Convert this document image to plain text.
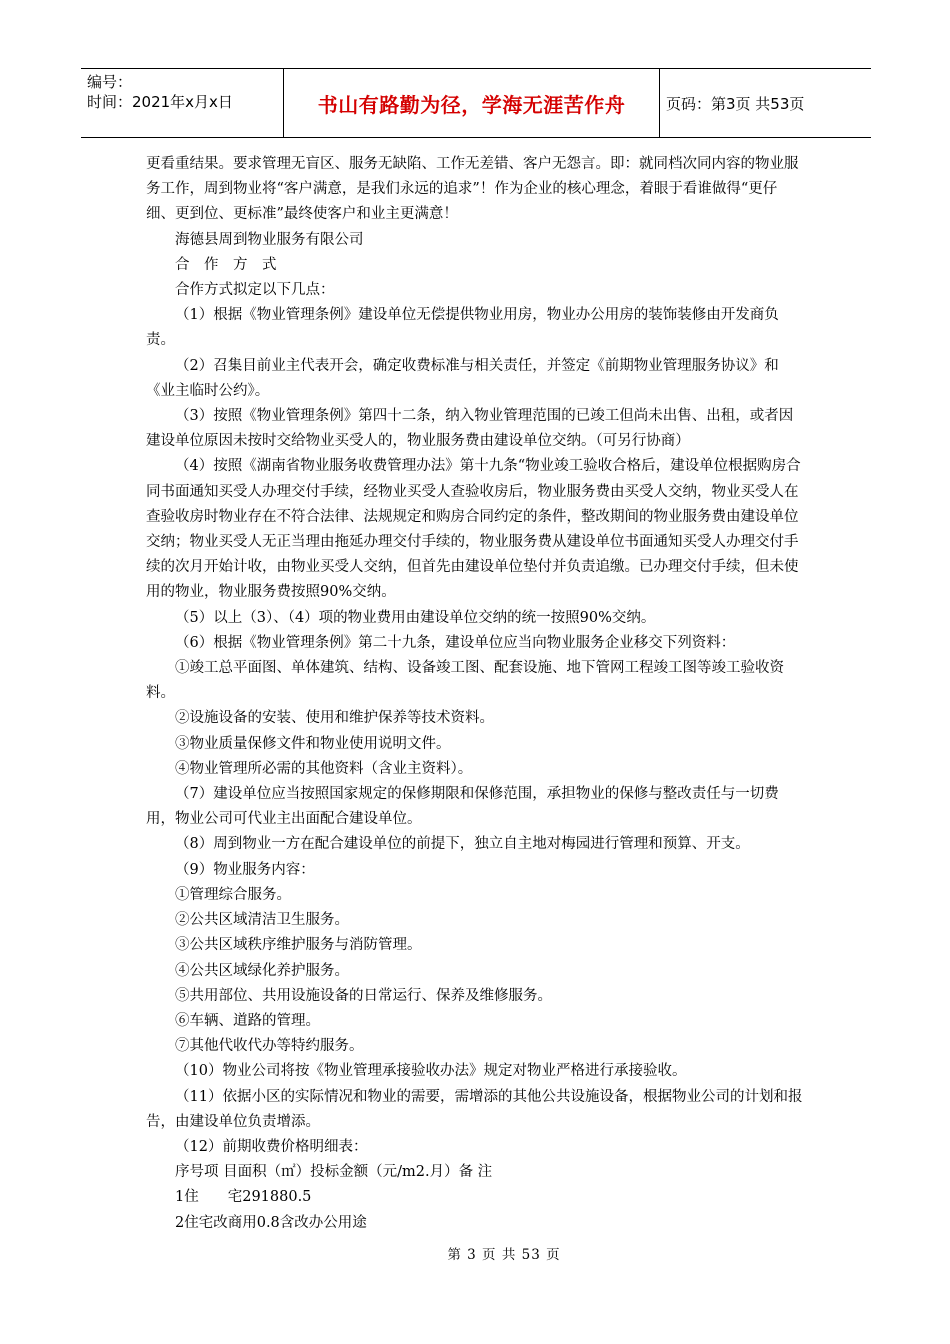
编号：
时间：2021年x月x日	书山有路勤为径，学海无涯苦作舟	页码：第3页 共53页

更看重结果。要求管理无盲区、服务无缺陷、工作无差错、客户无怨言。即：就同档次同内容的物业服务工作，周到物业将“客户满意，是我们永远的追求”！作为企业的核心理念，着眼于看谁做得“更仔细、更到位、更标准”最终使客户和业主更满意！

海德县周到物业服务有限公司

合　作　方　式

合作方式拟定以下几点：

（1）根据《物业管理条例》建设单位无偿提供物业用房，物业办公用房的装饰装修由开发商负责。

（2）召集目前业主代表开会，确定收费标准与相关责任，并签定《前期物业管理服务协议》和《业主临时公约》。

（3）按照《物业管理条例》第四十二条，纳入物业管理范围的已竣工但尚未出售、出租，或者因建设单位原因未按时交给物业买受人的，物业服务费由建设单位交纳。（可另行协商）

（4）按照《湖南省物业服务收费管理办法》第十九条“物业竣工验收合格后，建设单位根据购房合同书面通知买受人办理交付手续，经物业买受人查验收房后，物业服务费由买受人交纳，物业买受人在查验收房时物业存在不符合法律、法规规定和购房合同约定的条件，整改期间的物业服务费由建设单位交纳；物业买受人无正当理由拖延办理交付手续的，物业服务费从建设单位书面通知买受人办理交付手续的次月开始计收，由物业买受人交纳，但首先由建设单位垫付并负责追缴。已办理交付手续，但未使用的物业，物业服务费按照90%交纳。

（5）以上（3）、（4）项的物业费用由建设单位交纳的统一按照90%交纳。

（6）根据《物业管理条例》第二十九条，建设单位应当向物业服务企业移交下列资料：

①竣工总平面图、单体建筑、结构、设备竣工图、配套设施、地下管网工程竣工图等竣工验收资料。

②设施设备的安装、使用和维护保养等技术资料。

③物业质量保修文件和物业使用说明文件。

④物业管理所必需的其他资料（含业主资料）。

（7）建设单位应当按照国家规定的保修期限和保修范围，承担物业的保修与整改责任与一切费用，物业公司可代业主出面配合建设单位。

（8）周到物业一方在配合建设单位的前提下，独立自主地对梅园进行管理和预算、开支。

（9）物业服务内容：

①管理综合服务。

②公共区域清洁卫生服务。

③公共区域秩序维护服务与消防管理。

④公共区域绿化养护服务。

⑤共用部位、共用设施设备的日常运行、保养及维修服务。

⑥车辆、道路的管理。

⑦其他代收代办等特约服务。

（10）物业公司将按《物业管理承接验收办法》规定对物业严格进行承接验收。

（11）依据小区的实际情况和物业的需要，需增添的其他公共设施设备，根据物业公司的计划和报告，由建设单位负责增添。

（12）前期收费价格明细表：

序号项 目面积（㎡）投标金额（元/m2.月）备 注

1住　　宅291880.5

2住宅改商用0.8含改办公用途

第 3 页 共 53 页
